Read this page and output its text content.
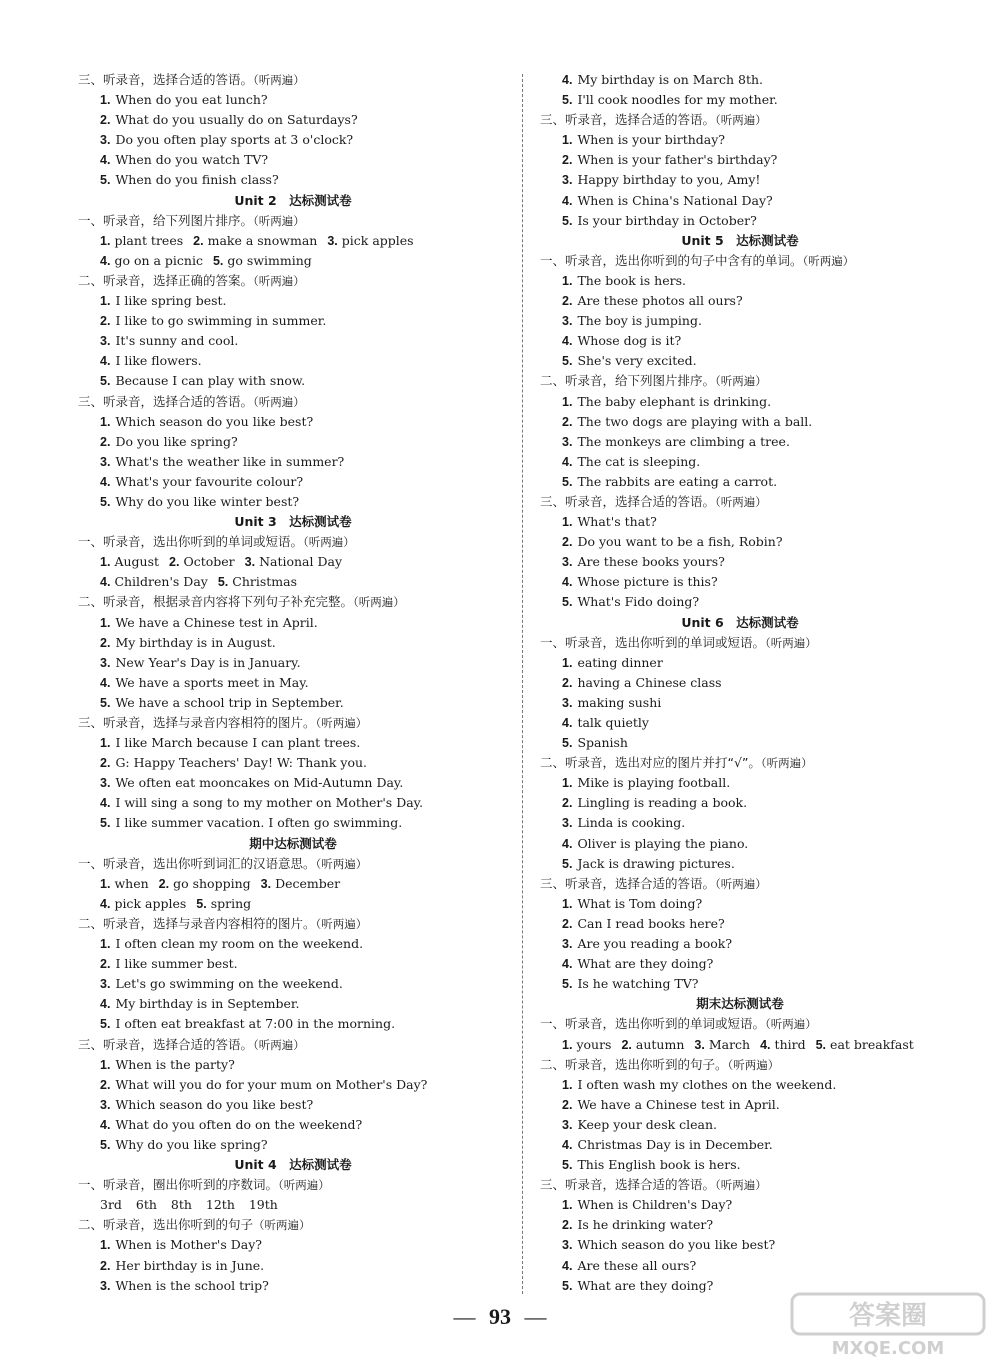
三、听录音，选择合适的答语。（听两遍）
1. When do you eat lunch?
2. What do you usually do on Saturdays?
3. Do you often play sports at 3 o'clock?
4. When do you watch TV?
5. When do you finish class?
Unit 2　达标测试卷
一、听录音，给下列图片排序。（听两遍）
1. plant trees 2. make a snowman 3. pick apples
4. go on a picnic 5. go swimming
二、听录音，选择正确的答案。（听两遍）
1. I like spring best.
2. I like to go swimming in summer.
3. It's sunny and cool.
4. I like flowers.
5. Because I can play with snow.
三、听录音，选择合适的答语。（听两遍）
1. Which season do you like best?
2. Do you like spring?
3. What's the weather like in summer?
4. What's your favourite colour?
5. Why do you like winter best?
Unit 3　达标测试卷
一、听录音，选出你听到的单词或短语。（听两遍）
1. August 2. October 3. National Day
4. Children's Day 5. Christmas
二、听录音，根据录音内容将下列句子补充完整。（听两遍）
1. We have a Chinese test in April.
2. My birthday is in August.
3. New Year's Day is in January.
4. We have a sports meet in May.
5. We have a school trip in September.
三、听录音，选择与录音内容相符的图片。（听两遍）
1. I like March because I can plant trees.
2. G: Happy Teachers' Day! W: Thank you.
3. We often eat mooncakes on Mid-Autumn Day.
4. I will sing a song to my mother on Mother's Day.
5. I like summer vacation. I often go swimming.
期中达标测试卷
一、听录音，选出你听到词汇的汉语意思。（听两遍）
1. when 2. go shopping 3. December
4. pick apples 5. spring
二、听录音，选择与录音内容相符的图片。（听两遍）
1. I often clean my room on the weekend.
2. I like summer best.
3. Let's go swimming on the weekend.
4. My birthday is in September.
5. I often eat breakfast at 7:00 in the morning.
三、听录音，选择合适的答语。（听两遍）
1. When is the party?
2. What will you do for your mum on Mother's Day?
3. Which season do you like best?
4. What do you often do on the weekend?
5. Why do you like spring?
Unit 4　达标测试卷
一、听录音，圈出你听到的序数词。（听两遍）
3rd 6th 8th 12th 19th
二、听录音，选出你听到的句子（听两遍）
1. When is Mother's Day?
2. Her birthday is in June.
3. When is the school trip?
4. My birthday is on March 8th.
5. I'll cook noodles for my mother.
三、听录音，选择合适的答语。（听两遍）
1. When is your birthday?
2. When is your father's birthday?
3. Happy birthday to you, Amy!
4. When is China's National Day?
5. Is your birthday in October?
Unit 5　达标测试卷
一、听录音，选出你听到的句子中含有的单词。（听两遍）
1. The book is hers.
2. Are these photos all ours?
3. The boy is jumping.
4. Whose dog is it?
5. She's very excited.
二、听录音，给下列图片排序。（听两遍）
1. The baby elephant is drinking.
2. The two dogs are playing with a ball.
3. The monkeys are climbing a tree.
4. The cat is sleeping.
5. The rabbits are eating a carrot.
三、听录音，选择合适的答语。（听两遍）
1. What's that?
2. Do you want to be a fish, Robin?
3. Are these books yours?
4. Whose picture is this?
5. What's Fido doing?
Unit 6　达标测试卷
一、听录音，选出你听到的单词或短语。（听两遍）
1. eating dinner
2. having a Chinese class
3. making sushi
4. talk quietly
5. Spanish
二、听录音，选出对应的图片并打“√”。（听两遍）
1. Mike is playing football.
2. Lingling is reading a book.
3. Linda is cooking.
4. Oliver is playing the piano.
5. Jack is drawing pictures.
三、听录音，选择合适的答语。（听两遍）
1. What is Tom doing?
2. Can I read books here?
3. Are you reading a book?
4. What are they doing?
5. Is he watching TV?
期末达标测试卷
一、听录音，选出你听到的单词或短语。（听两遍）
1. yours 2. autumn 3. March 4. third 5. eat breakfast
二、听录音，选出你听到的句子。（听两遍）
1. I often wash my clothes on the weekend.
2. We have a Chinese test in April.
3. Keep your desk clean.
4. Christmas Day is in December.
5. This English book is hers.
三、听录音，选择合适的答语。（听两遍）
1. When is Children's Day?
2. Is he drinking water?
3. Which season do you like best?
4. Are these all ours?
5. What are they doing?
— 93 —	答案圈
MXQE.COM
